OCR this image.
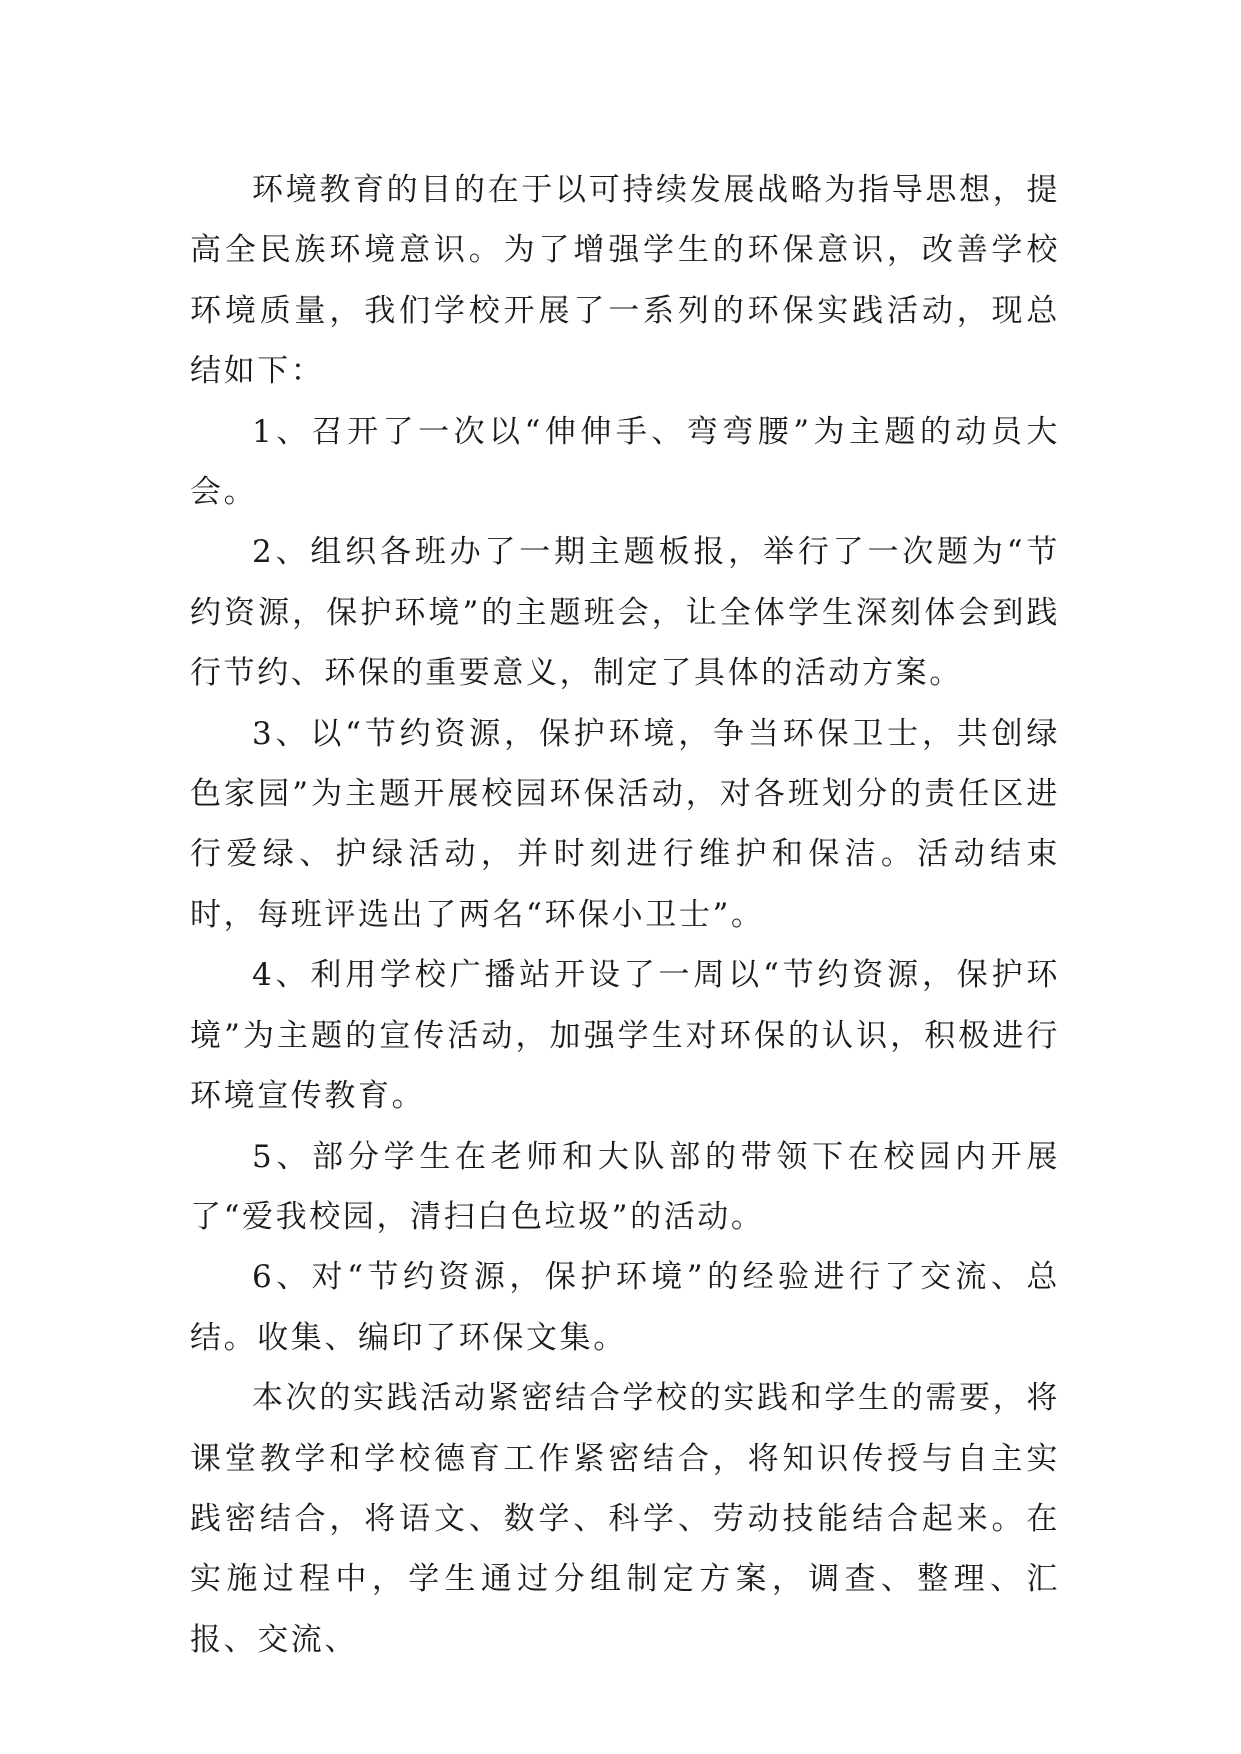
环境教育的目的在于以可持续发展战略为指导思想，提高全民族环境意识。为了增强学生的环保意识，改善学校环境质量，我们学校开展了一系列的环保实践活动，现总结如下：

1、召开了一次以“伸伸手、弯弯腰”为主题的动员大会。

2、组织各班办了一期主题板报，举行了一次题为“节约资源，保护环境”的主题班会，让全体学生深刻体会到践行节约、环保的重要意义，制定了具体的活动方案。

3、以“节约资源，保护环境，争当环保卫士，共创绿色家园”为主题开展校园环保活动，对各班划分的责任区进行爱绿、护绿活动，并时刻进行维护和保洁。活动结束时，每班评选出了两名“环保小卫士”。

4、利用学校广播站开设了一周以“节约资源，保护环境”为主题的宣传活动，加强学生对环保的认识，积极进行环境宣传教育。

5、部分学生在老师和大队部的带领下在校园内开展了“爱我校园，清扫白色垃圾”的活动。

6、对“节约资源，保护环境”的经验进行了交流、总结。收集、编印了环保文集。

本次的实践活动紧密结合学校的实践和学生的需要，将课堂教学和学校德育工作紧密结合，将知识传授与自主实践密结合，将语文、数学、科学、劳动技能结合起来。在实施过程中，学生通过分组制定方案，调查、整理、汇报、交流、
